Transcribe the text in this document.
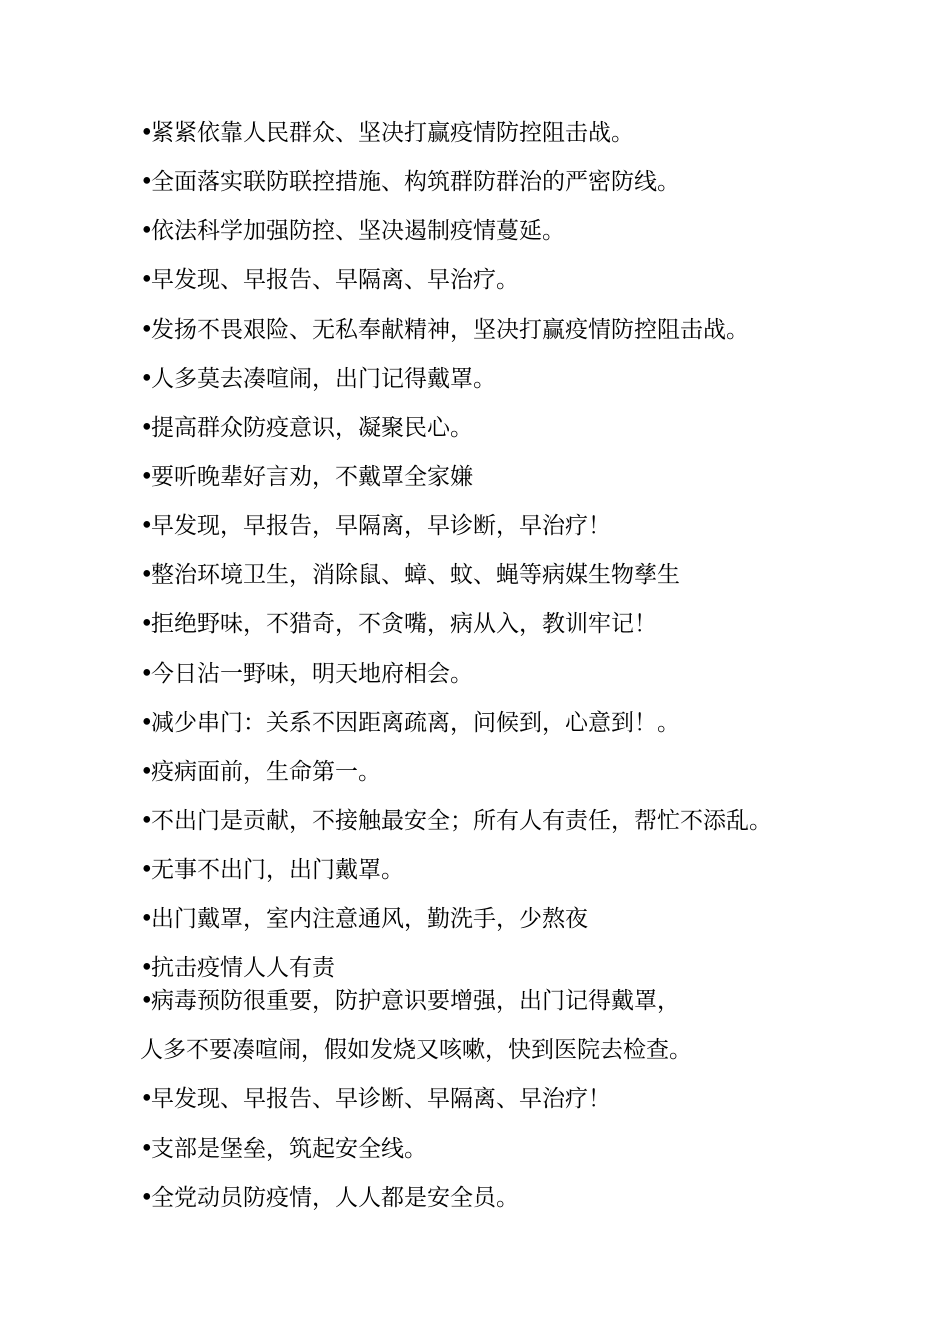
•紧紧依靠人民群众、坚决打赢疫情防控阻击战。
•全面落实联防联控措施、构筑群防群治的严密防线。
•依法科学加强防控、坚决遏制疫情蔓延。
•早发现、早报告、早隔离、早治疗。
•发扬不畏艰险、无私奉献精神，坚决打赢疫情防控阻击战。
•人多莫去凑喧闹，出门记得戴罩。
•提高群众防疫意识，凝聚民心。
•要听晚辈好言劝，不戴罩全家嫌
•早发现，早报告，早隔离，早诊断，早治疗！
•整治环境卫生，消除鼠、蟑、蚊、蝇等病媒生物孳生
•拒绝野味，不猎奇，不贪嘴，病从入，教训牢记！
•今日沾一野味，明天地府相会。
•减少串门：关系不因距离疏离，问候到，心意到！。
•疫病面前，生命第一。
•不出门是贡献，不接触最安全；所有人有责任，帮忙不添乱。
•无事不出门，出门戴罩。
•出门戴罩，室内注意通风，勤洗手，少熬夜
•抗击疫情人人有责
•病毒预防很重要，防护意识要增强，出门记得戴罩，
人多不要凑喧闹，假如发烧又咳嗽，快到医院去检查。
•早发现、早报告、早诊断、早隔离、早治疗！
•支部是堡垒，筑起安全线。
•全党动员防疫情，人人都是安全员。
